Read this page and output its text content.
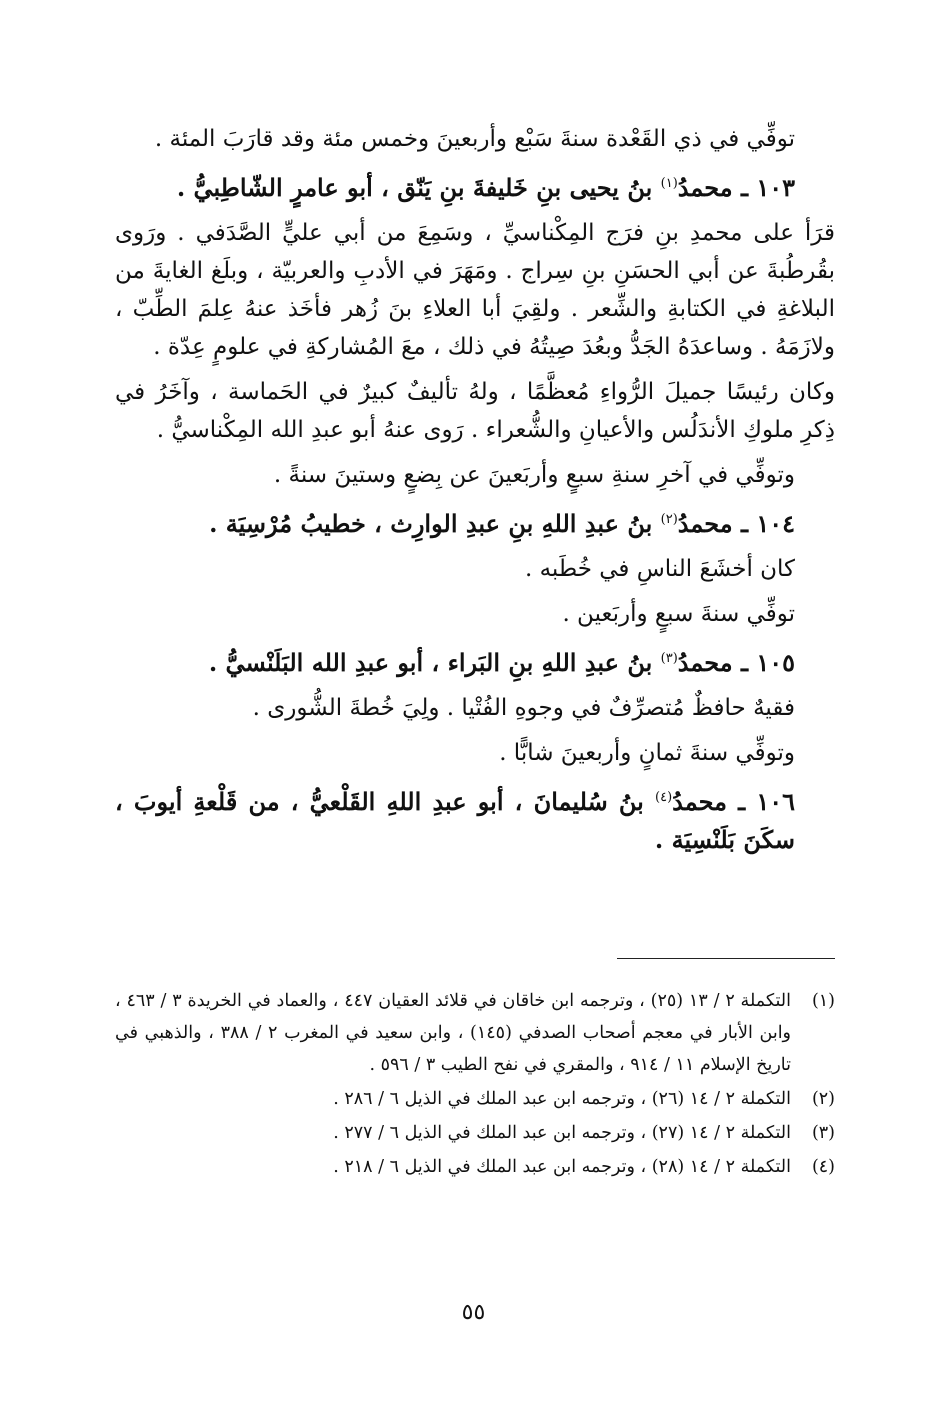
توفِّي في ذي القَعْدة سنةَ سَبْع وأربعينَ وخمس مئة وقد قارَبَ المئة .

١٠٣ ـ محمدُ$^{(١)}$ بنُ يحيى بنِ خَليفةَ بنِ يَنّق ، أبو عامرٍ الشّاطِبيُّ .

قرَأ على محمدِ بنِ فرَج المِكْناسيِّ ، وسَمِعَ من أبي عليٍّ الصَّدَفي . ورَوى بقُرطُبةَ عن أبي الحسَنِ بنِ سِراج . ومَهَرَ في الأدبِ والعربيّة ، وبلَغ الغايةَ من البلاغةِ في الكتابةِ والشِّعر . ولقِيَ أبا العلاءِ بنَ زُهر فأخَذ عنهُ عِلمَ الطِّبّ ، ولازَمَهُ . وساعدَهُ الجَدُّ وبعُدَ صِيتُهُ في ذلك ، معَ المُشاركةِ في علومٍ عِدّة .

وكان رئيسًا جميلَ الرُّواءِ مُعظَّمًا ، ولهُ تأليفٌ كبيرٌ في الحَماسة ، وآخَرُ في ذِكرِ ملوكِ الأندَلُس والأعيانِ والشُّعراء . رَوى عنهُ أبو عبدِ الله المِكْناسيُّ .

وتوفِّي في آخرِ سنةِ سبعٍ وأربَعينَ عن بِضعٍ وستينَ سنةً .

١٠٤ ـ محمدُ$^{(٢)}$ بنُ عبدِ اللهِ بنِ عبدِ الوارِث ، خطيبُ مُرْسِيَة .

كان أخشَعَ الناسِ في خُطَبه .

توفِّي سنةَ سبعٍ وأربَعين .

١٠٥ ـ محمدُ$^{(٣)}$ بنُ عبدِ اللهِ بنِ البَراء ، أبو عبدِ الله البَلَنْسيُّ .

فقيهٌ حافظٌ مُتصرِّفٌ في وجوهِ الفُتْيا . ولِيَ خُطةَ الشُّورى .

وتوفِّي سنةَ ثمانٍ وأربعينَ شابًّا .

١٠٦ ـ محمدُ$^{(٤)}$ بنُ سُليمانَ ، أبو عبدِ اللهِ القَلْعيُّ ، من قَلْعةِ أيوبَ ، سكَنَ بَلَنْسِيَة .

(١)
التكملة ٢ / ١٣ (٢٥) ، وترجمه ابن خاقان في قلائد العقيان ٤٤٧ ، والعماد في الخريدة ٣ / ٤٦٣ ، وابن الأبار في معجم أصحاب الصدفي (١٤٥) ، وابن سعيد في المغرب ٢ / ٣٨٨ ، والذهبي في تاريخ الإسلام ١١ / ٩١٤ ، والمقري في نفح الطيب ٣ / ٥٩٦ .
(٢)
التكملة ٢ / ١٤ (٢٦) ، وترجمه ابن عبد الملك في الذيل ٦ / ٢٨٦ .
(٣)
التكملة ٢ / ١٤ (٢٧) ، وترجمه ابن عبد الملك في الذيل ٦ / ٢٧٧ .
(٤)
التكملة ٢ / ١٤ (٢٨) ، وترجمه ابن عبد الملك في الذيل ٦ / ٢١٨ .
٥٥
